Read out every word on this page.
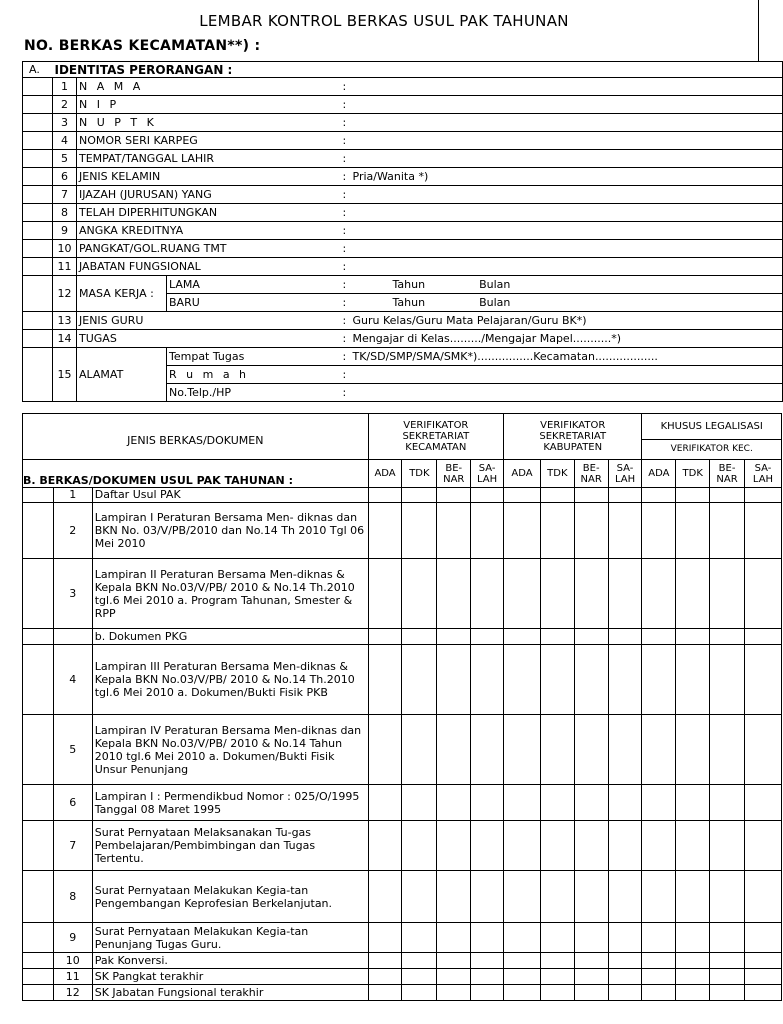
LEMBAR KONTROL BERKAS USUL PAK TAHUNAN
NO. BERKAS KECAMATAN**) :
A.	IDENTITAS PERORANGAN :				
	1	N A M A		:	
	2	N I P		:	
	3	N U P T K		:	
	4	NOMOR SERI KARPEG		:	
	5	TEMPAT/TANGGAL LAHIR		:	
	6	JENIS KELAMIN		:	Pria/Wanita *)
	7	IJAZAH (JURUSAN) YANG		:	
	8	TELAH DIPERHITUNGKAN		:	
	9	ANGKA KREDITNYA		:	
	10	PANGKAT/GOL.RUANG TMT		:	
	11	JABATAN FUNGSIONAL		:	
	12	MASA KERJA :	LAMA	:	Tahun Bulan
			BARU	:	Tahun Bulan
	13	JENIS GURU		:	Guru Kelas/Guru Mata Pelajaran/Guru BK*)
	14	TUGAS		:	Mengajar di Kelas........./Mengajar Mapel...........*)
	15	ALAMAT	Tempat Tugas	:	TK/SD/SMP/SMA/SMK*)................Kecamatan..................
			R u m a h	:	
			No.Telp./HP	:	
JENIS BERKAS/DOKUMEN			VERIFIKATOR SEKRETARIAT KECAMATAN				VERIFIKATOR SEKRETARIAT KABUPATEN				KHUSUS LEGALISASI			
											VERIFIKATOR KEC.			
B. BERKAS/DOKUMEN USUL PAK TAHUNAN :			ADA	TDK	BE- NAR	SA- LAH	ADA	TDK	BE- NAR	SA- LAH	ADA	TDK	BE- NAR	SA- LAH
	1	Daftar Usul PAK												
	2	Lampiran I Peraturan Bersama Men- diknas dan BKN No. 03/V/PB/2010 dan No.14 Th 2010 Tgl 06 Mei 2010												
	3	Lampiran II Peraturan Bersama Men-diknas & Kepala BKN No.03/V/PB/ 2010 & No.14 Th.2010 tgl.6 Mei 2010 a. Program Tahunan, Smester & RPP												
		b. Dokumen PKG												
	4	Lampiran III Peraturan Bersama Men-diknas & Kepala BKN No.03/V/PB/ 2010 & No.14 Th.2010 tgl.6 Mei 2010 a. Dokumen/Bukti Fisik PKB												
	5	Lampiran IV Peraturan Bersama Men-diknas dan Kepala BKN No.03/V/PB/ 2010 & No.14 Tahun 2010 tgl.6 Mei 2010 a. Dokumen/Bukti Fisik Unsur Penunjang												
	6	Lampiran I : Permendikbud Nomor : 025/O/1995 Tanggal 08 Maret 1995												
	7	Surat Pernyataan Melaksanakan Tu-gas Pembelajaran/Pembimbingan dan Tugas Tertentu.												
	8	Surat Pernyataan Melakukan Kegia-tan Pengembangan Keprofesian Berkelanjutan.												
	9	Surat Pernyataan Melakukan Kegia-tan Penunjang Tugas Guru.												
	10	Pak Konversi.												
	11	SK Pangkat terakhir												
	12	SK Jabatan Fungsional terakhir												
